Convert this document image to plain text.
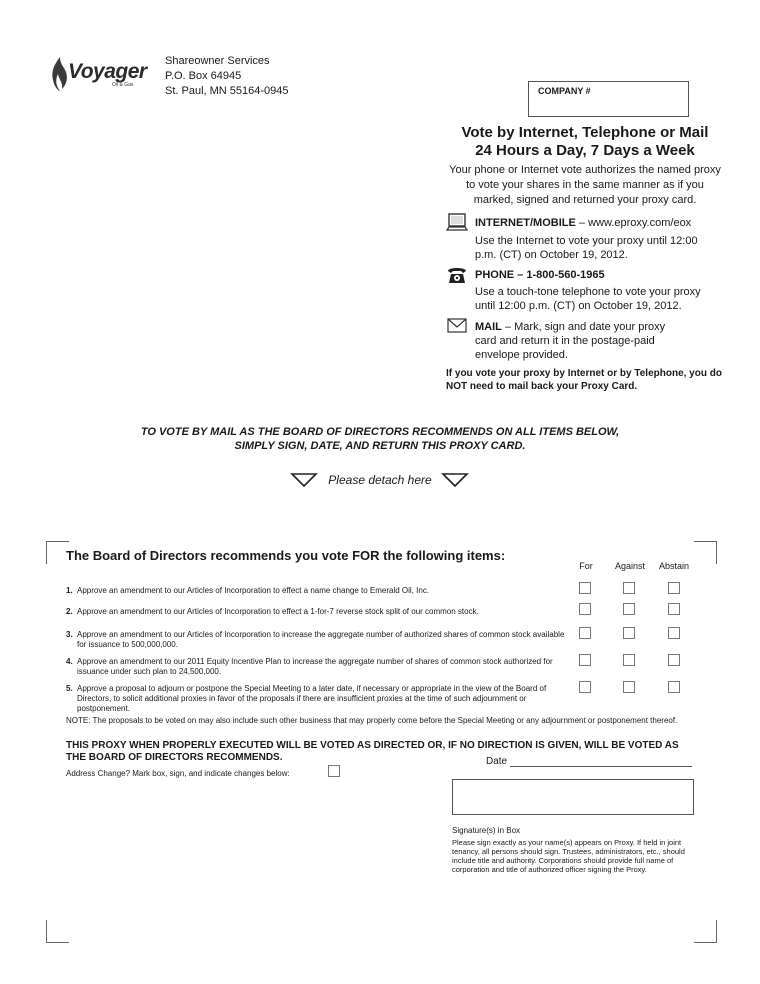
Voyager
Oil & Gas
Shareowner Services
P.O. Box 64945
St. Paul, MN 55164-0945	COMPANY #
Vote by Internet, Telephone or Mail
24 Hours a Day, 7 Days a Week
Your phone or Internet vote authorizes the named proxy to vote your shares in the same manner as if you marked, signed and returned your proxy card.
INTERNET/MOBILE – www.eproxy.com/eox
Use the Internet to vote your proxy until 12:00 p.m. (CT) on October 19, 2012.
PHONE – 1-800-560-1965
Use a touch-tone telephone to vote your proxy until 12:00 p.m. (CT) on October 19, 2012.
MAIL – Mark, sign and date your proxy card and return it in the postage-paid envelope provided.
If you vote your proxy by Internet or by Telephone, you do NOT need to mail back your Proxy Card.
TO VOTE BY MAIL AS THE BOARD OF DIRECTORS RECOMMENDS ON ALL ITEMS BELOW,
SIMPLY SIGN, DATE, AND RETURN THIS PROXY CARD.
Please detach here
The Board of Directors recommends you vote FOR the following items:
For	Against	Abstain
1. Approve an amendment to our Articles of Incorporation to effect a name change to Emerald Oil, Inc.
2. Approve an amendment to our Articles of Incorporation to effect a 1-for-7 reverse stock split of our common stock.
3. Approve an amendment to our Articles of Incorporation to increase the aggregate number of authorized shares of common stock available for issuance to 500,000,000.
4. Approve an amendment to our 2011 Equity Incentive Plan to increase the aggregate number of shares of common stock authorized for issuance under such plan to 24,500,000.
5. Approve a proposal to adjourn or postpone the Special Meeting to a later date, if necessary or appropriate in the view of the Board of Directors, to solicit additional proxies in favor of the proposals if there are insufficient proxies at the time of such adjournment or postponement.
NOTE: The proposals to be voted on may also include such other business that may properly come before the Special Meeting or any adjournment or postponement thereof.
THIS PROXY WHEN PROPERLY EXECUTED WILL BE VOTED AS DIRECTED OR, IF NO DIRECTION IS GIVEN, WILL BE VOTED AS THE BOARD OF DIRECTORS RECOMMENDS.	Date
Address Change? Mark box, sign, and indicate changes below:
Signature(s) in Box
Please sign exactly as your name(s) appears on Proxy. If held in joint tenancy, all persons should sign. Trustees, administrators, etc., should include title and authority. Corporations should provide full name of corporation and title of authorized officer signing the Proxy.
